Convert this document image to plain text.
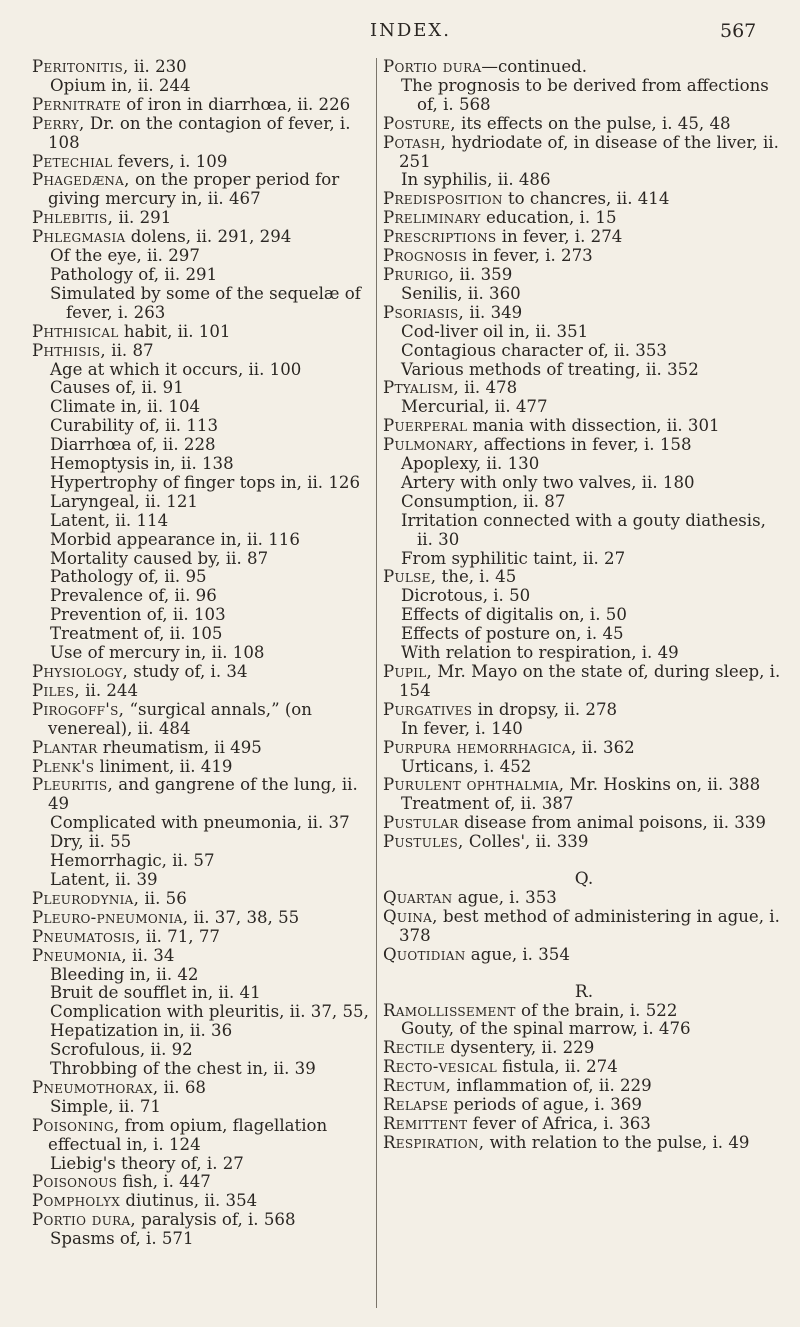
INDEX.	567

Peritonitis, ii. 230

Opium in, ii. 244

Pernitrate of iron in diarrhœa, ii. 226

Perry, Dr. on the contagion of fever, i. 108

Petechial fevers, i. 109

Phagedæna, on the proper period for giving mercury in, ii. 467

Phlebitis, ii. 291

Phlegmasia dolens, ii. 291, 294

Of the eye, ii. 297

Pathology of, ii. 291

Simulated by some of the sequelæ of fever, i. 263

Phthisical habit, ii. 101

Phthisis, ii. 87

Age at which it occurs, ii. 100

Causes of, ii. 91

Climate in, ii. 104

Curability of, ii. 113

Diarrhœa of, ii. 228

Hemoptysis in, ii. 138

Hypertrophy of finger tops in, ii. 126

Laryngeal, ii. 121

Latent, ii. 114

Morbid appearance in, ii. 116

Mortality caused by, ii. 87

Pathology of, ii. 95

Prevalence of, ii. 96

Prevention of, ii. 103

Treatment of, ii. 105

Use of mercury in, ii. 108

Physiology, study of, i. 34

Piles, ii. 244

Pirogoff's, “surgical annals,” (on venereal), ii. 484

Plantar rheumatism, ii 495

Plenk's liniment, ii. 419

Pleuritis, and gangrene of the lung, ii. 49

Complicated with pneumonia, ii. 37

Dry, ii. 55

Hemorrhagic, ii. 57

Latent, ii. 39

Pleurodynia, ii. 56

Pleuro-pneumonia, ii. 37, 38, 55

Pneumatosis, ii. 71, 77

Pneumonia, ii. 34

Bleeding in, ii. 42

Bruit de soufflet in, ii. 41

Complication with pleuritis, ii. 37, 55,

Hepatization in, ii. 36

Scrofulous, ii. 92

Throbbing of the chest in, ii. 39

Pneumothorax, ii. 68

Simple, ii. 71

Poisoning, from opium, flagellation effectual in, i. 124

Liebig's theory of, i. 27

Poisonous fish, i. 447

Pompholyx diutinus, ii. 354

Portio dura, paralysis of, i. 568

Spasms of, i. 571

Portio dura—continued.

The prognosis to be derived from affections of, i. 568

Posture, its effects on the pulse, i. 45, 48

Potash, hydriodate of, in disease of the liver, ii. 251

In syphilis, ii. 486

Predisposition to chancres, ii. 414

Preliminary education, i. 15

Prescriptions in fever, i. 274

Prognosis in fever, i. 273

Prurigo, ii. 359

Senilis, ii. 360

Psoriasis, ii. 349

Cod-liver oil in, ii. 351

Contagious character of, ii. 353

Various methods of treating, ii. 352

Ptyalism, ii. 478

Mercurial, ii. 477

Puerperal mania with dissection, ii. 301

Pulmonary, affections in fever, i. 158

Apoplexy, ii. 130

Artery with only two valves, ii. 180

Consumption, ii. 87

Irritation connected with a gouty diathesis, ii. 30

From syphilitic taint, ii. 27

Pulse, the, i. 45

Dicrotous, i. 50

Effects of digitalis on, i. 50

Effects of posture on, i. 45

With relation to respiration, i. 49

Pupil, Mr. Mayo on the state of, during sleep, i. 154

Purgatives in dropsy, ii. 278

In fever, i. 140

Purpura hemorrhagica, ii. 362

Urticans, i. 452

Purulent ophthalmia, Mr. Hoskins on, ii. 388

Treatment of, ii. 387

Pustular disease from animal poisons, ii. 339

Pustules, Colles', ii. 339

Q.

Quartan ague, i. 353

Quina, best method of administering in ague, i. 378

Quotidian ague, i. 354

R.

Ramollissement of the brain, i. 522

Gouty, of the spinal marrow, i. 476

Rectile dysentery, ii. 229

Recto-vesical fistula, ii. 274

Rectum, inflammation of, ii. 229

Relapse periods of ague, i. 369

Remittent fever of Africa, i. 363

Respiration, with relation to the pulse, i. 49
